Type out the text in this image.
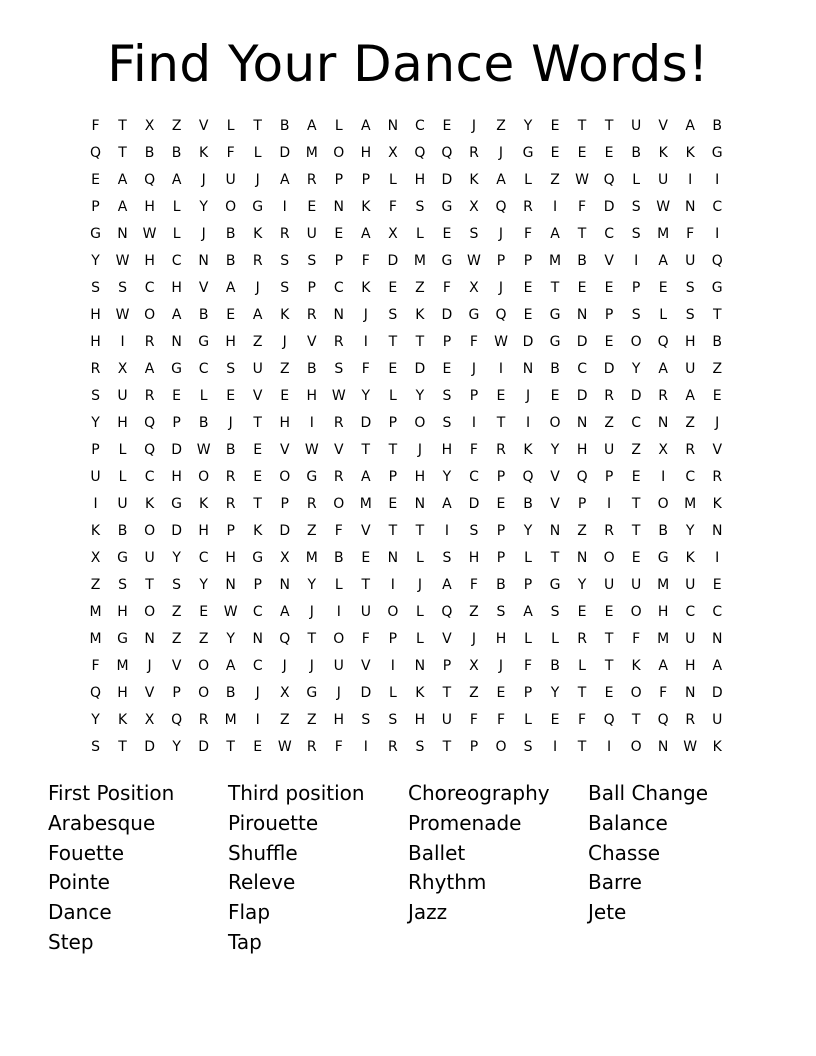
Find Your Dance Words!
F	T	X	Z	V	L	T	B	A	L	A	N	C	E	J	Z	Y	E	T	T	U	V	A	B
Q	T	B	B	K	F	L	D	M	O	H	X	Q	Q	R	J	G	E	E	E	B	K	K	G
E	A	Q	A	J	U	J	A	R	P	P	L	H	D	K	A	L	Z	W	Q	L	U	I	I
P	A	H	L	Y	O	G	I	E	N	K	F	S	G	X	Q	R	I	F	D	S	W	N	C
G	N	W	L	J	B	K	R	U	E	A	X	L	E	S	J	F	A	T	C	S	M	F	I
Y	W	H	C	N	B	R	S	S	P	F	D	M	G	W	P	P	M	B	V	I	A	U	Q
S	S	C	H	V	A	J	S	P	C	K	E	Z	F	X	J	E	T	E	E	P	E	S	G
H	W	O	A	B	E	A	K	R	N	J	S	K	D	G	Q	E	G	N	P	S	L	S	T
H	I	R	N	G	H	Z	J	V	R	I	T	T	P	F	W	D	G	D	E	O	Q	H	B
R	X	A	G	C	S	U	Z	B	S	F	E	D	E	J	I	N	B	C	D	Y	A	U	Z
S	U	R	E	L	E	V	E	H	W	Y	L	Y	S	P	E	J	E	D	R	D	R	A	E
Y	H	Q	P	B	J	T	H	I	R	D	P	O	S	I	T	I	O	N	Z	C	N	Z	J
P	L	Q	D	W	B	E	V	W	V	T	T	J	H	F	R	K	Y	H	U	Z	X	R	V
U	L	C	H	O	R	E	O	G	R	A	P	H	Y	C	P	Q	V	Q	P	E	I	C	R
I	U	K	G	K	R	T	P	R	O	M	E	N	A	D	E	B	V	P	I	T	O	M	K
K	B	O	D	H	P	K	D	Z	F	V	T	T	I	S	P	Y	N	Z	R	T	B	Y	N
X	G	U	Y	C	H	G	X	M	B	E	N	L	S	H	P	L	T	N	O	E	G	K	I
Z	S	T	S	Y	N	P	N	Y	L	T	I	J	A	F	B	P	G	Y	U	U	M	U	E
M	H	O	Z	E	W	C	A	J	I	U	O	L	Q	Z	S	A	S	E	E	O	H	C	C
M	G	N	Z	Z	Y	N	Q	T	O	F	P	L	V	J	H	L	L	R	T	F	M	U	N
F	M	J	V	O	A	C	J	J	U	V	I	N	P	X	J	F	B	L	T	K	A	H	A
Q	H	V	P	O	B	J	X	G	J	D	L	K	T	Z	E	P	Y	T	E	O	F	N	D
Y	K	X	Q	R	M	I	Z	Z	H	S	S	H	U	F	F	L	E	F	Q	T	Q	R	U
S	T	D	Y	D	T	E	W	R	F	I	R	S	T	P	O	S	I	T	I	O	N	W	K
First Position
Arabesque
Fouette
Pointe
Dance
Step
Third position
Pirouette
Shuffle
Releve
Flap
Tap
Choreography
Promenade
Ballet
Rhythm
Jazz
Ball Change
Balance
Chasse
Barre
Jete
